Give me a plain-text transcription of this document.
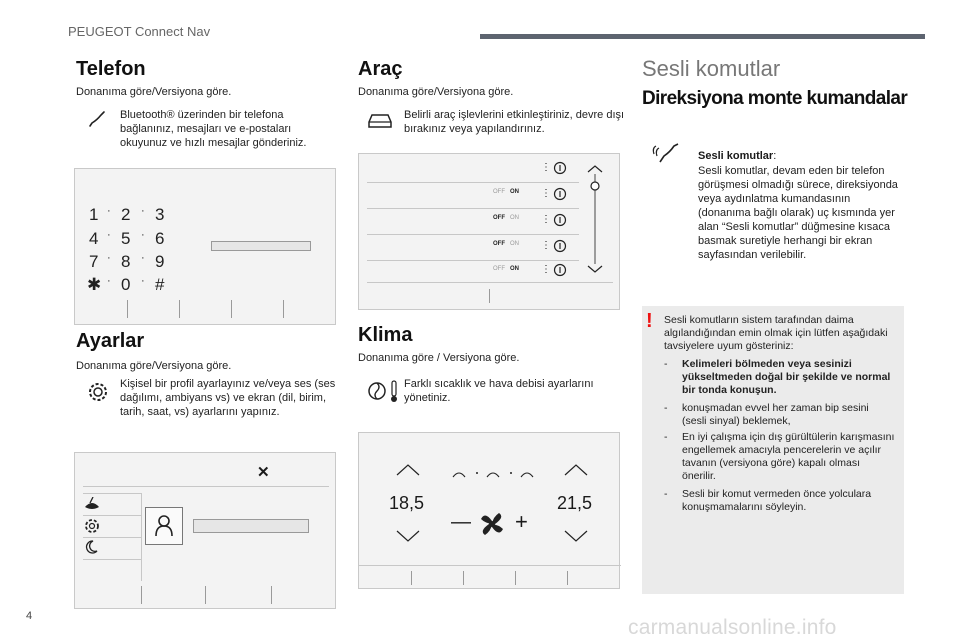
PEUGEOT Connect Nav
Telefon
Donanıma göre/Versiyona göre.
Bluetooth® üzerinden bir telefona bağlanınız, mesajları ve e-postaları okuyunuz ve hızlı mesajlar gönderiniz.
1 · 2 · 3
4 · 5 · 6
7 · 8 · 9
✱ · 0 · #
Ayarlar
Donanıma göre/Versiyona göre.
Kişisel bir profil ayarlayınız ve/veya ses (ses dağılımı, ambiyans vs) ve ekran (dil, birim, tarih, saat, vs) ayarlarını yapınız.
✕
Araç
Donanıma göre/Versiyona göre.
Belirli araç işlevlerini etkinleştiriniz, devre dışı bırakınız veya yapılandırınız.
OFF ON
OFF ON
OFF ON
OFF ON
⋮
⋮
⋮
⋮
⋮
Klima
Donanıma göre / Versiyona göre.
Farklı sıcaklık ve hava debisi ayarlarını yönetiniz.
18,5	21,5
— +
Sesli komutlar
Direksiyona monte kumandalar
Sesli komutlar:
Sesli komutlar, devam eden bir telefon görüşmesi olmadığı sürece, direksiyonda veya aydınlatma kumandasının (donanıma bağlı olarak) uç kısmında yer alan “Sesli komutlar” düğmesine kısaca basmak suretiyle herhangi bir ekran sayfasından verilebilir.
! Sesli komutların sistem tarafından daima algılandığından emin olmak için lütfen aşağıdaki tavsiyelere uyum gösteriniz:
- Kelimeleri bölmeden veya sesinizi yükseltmeden doğal bir şekilde ve normal bir tonda konuşun.
- konuşmadan evvel her zaman bip sesini (sesli sinyal) beklemek,
- En iyi çalışma için dış gürültülerin karışmasını engellemek amacıyla pencerelerin ve açılır tavanın (versiyona göre) kapalı olması önerilir.
- Sesli bir komut vermeden önce yolculara konuşmamalarını söyleyin.
4	carmanualsonline.info
